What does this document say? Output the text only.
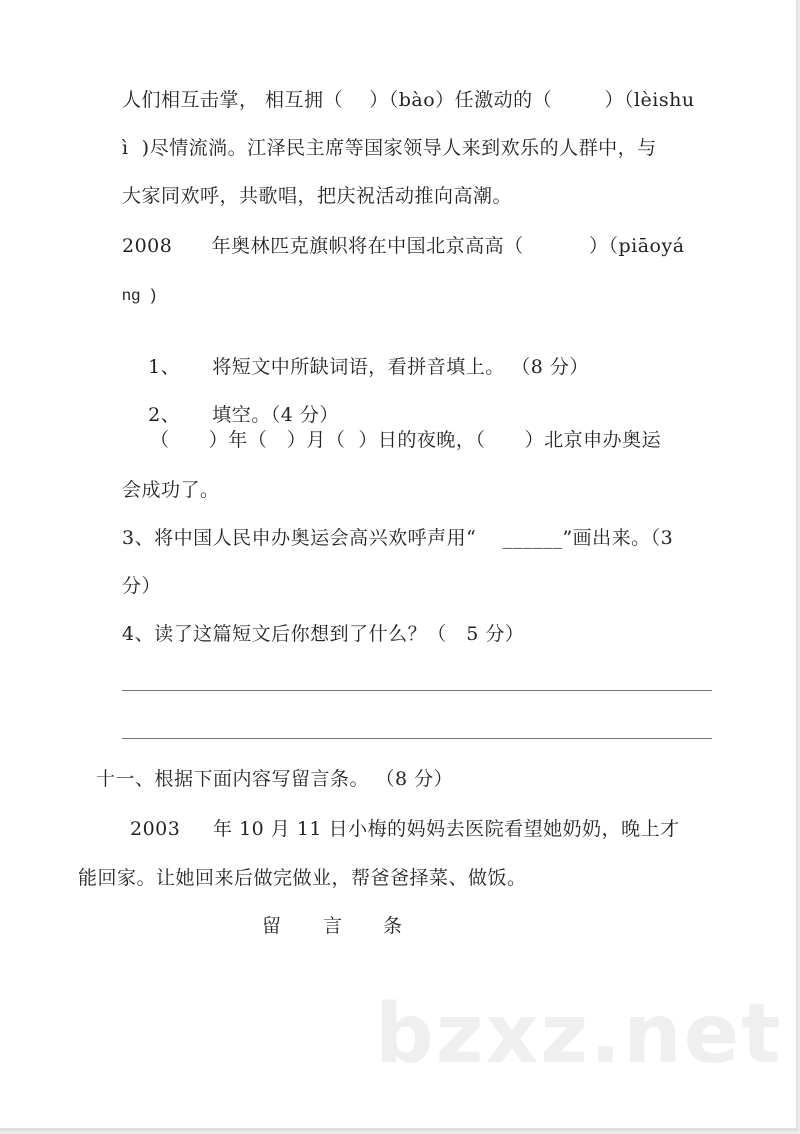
人们相互击掌， 相互拥（    ）（bào）任激动的（        ）（lèishu
ì  )尽情流淌。江泽民主席等国家领导人来到欢乐的人群中，与
大家同欢呼，共歌唱，把庆祝活动推向高潮。
2008      年奥林匹克旗帜将在中国北京高高（          ）（piāoyá
ng  )

1、 将短文中所缺词语，看拼音填上。 （8 分）

2、 填空。（4 分）

（      ）年（   ）月（  ）日的夜晚，（      ）北京申办奥运
会成功了。
3、将中国人民申办奥运会高兴欢呼声用“    ______”画出来。（3
分）
4、读了这篇短文后你想到了什么？（   5 分）
十一、根据下面内容写留言条。 （8 分）
2003     年 10 月 11 日小梅的妈妈去医院看望她奶奶，晚上才
能回家。让她回来后做完做业，帮爸爸择菜、做饭。
留 言 条
bzxz.net
